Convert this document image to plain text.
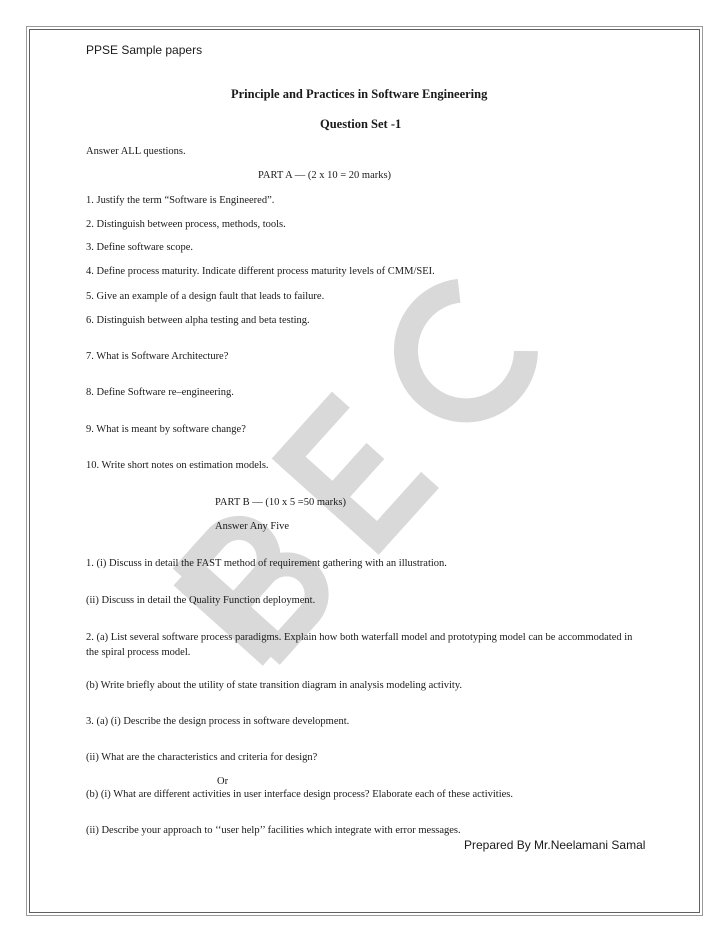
PPSE Sample papers
Principle and Practices in Software Engineering
Question Set -1
Answer ALL questions.
PART A — (2 x 10 = 20 marks)
1. Justify the term “Software is Engineered”.
2. Distinguish between process, methods, tools.
3. Define software scope.
4. Define process maturity. Indicate different process maturity levels of CMM/SEI.
5. Give an example of a design fault that leads to failure.
6. Distinguish between alpha testing and beta testing.
7. What is Software Architecture?
8. Define Software re–engineering.
9. What is meant by software change?
10. Write short notes on estimation models.
PART B — (10 x 5 =50 marks)
Answer Any Five
1. (i) Discuss in detail the FAST method of requirement gathering with an illustration.
(ii) Discuss in detail the Quality Function deployment.
2. (a) List several software process paradigms. Explain how both waterfall model and prototyping model can be accommodated in the spiral process model.
(b) Write briefly about the utility of state transition diagram in analysis modeling activity.
3. (a) (i) Describe the design process in software development.
(ii) What are the characteristics and criteria for design?
Or
(b) (i) What are different activities in user interface design process? Elaborate each of these activities.
(ii) Describe your approach to ‘‘user help’’ facilities which integrate with error messages.
Prepared By Mr.Neelamani Samal
